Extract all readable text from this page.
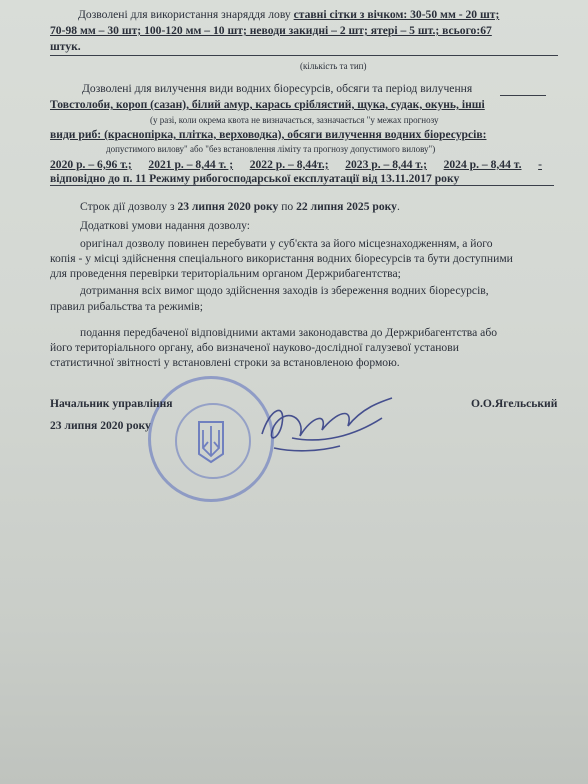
Дозволені для використання знаряддя лову ставні сітки з вічком: 30-50 мм - 20 шт;
70-98 мм – 30 шт; 100-120 мм – 10 шт; неводи закидні – 2 шт; ятері – 5 шт.; всього:67
штук.
(кількість та тип)
Дозволені для вилучення види водних біоресурсів, обсяги та період вилучення
Товстолоби, короп (сазан), білий амур, карась сріблястий, щука, судак, окунь, інші
(у разі, коли окрема квота не визначається, зазначається "у межах прогнозу
види риб: (краснопірка, плітка, верховодка), обсяги вилучення водних біоресурсів:
допустимого вилову" або "без встановлення ліміту та прогнозу допустимого вилову")
2020 р. – 6,96 т.; 2021 р. – 8,44 т. ; 2022 р. – 8,44т.; 2023 р. – 8,44 т.; 2024 р. – 8,44 т. -
відповідно до п. 11 Режиму рибогосподарської експлуатації від 13.11.2017 року
Строк дії дозволу з 23 липня 2020 року по 22 липня 2025 року.
Додаткові умови надання дозволу:
оригінал дозволу повинен перебувати у суб'єкта за його місцезнаходженням, а його
копія - у місці здійснення спеціального використання водних біоресурсів та бути доступними
для проведення перевірки територіальним органом Держрибагентства;
дотримання всіх вимог щодо здійснення заходів із збереження водних біоресурсів,
правил рибальства та режимів;
подання передбаченої відповідними актами законодавства до Держрибагентства або
його територіального органу, або визначеної науково-дослідної галузевої установи
статистичної звітності у встановлені строки за встановленою формою.
Начальник управління	О.О.Ягельський
23 липня 2020 року
